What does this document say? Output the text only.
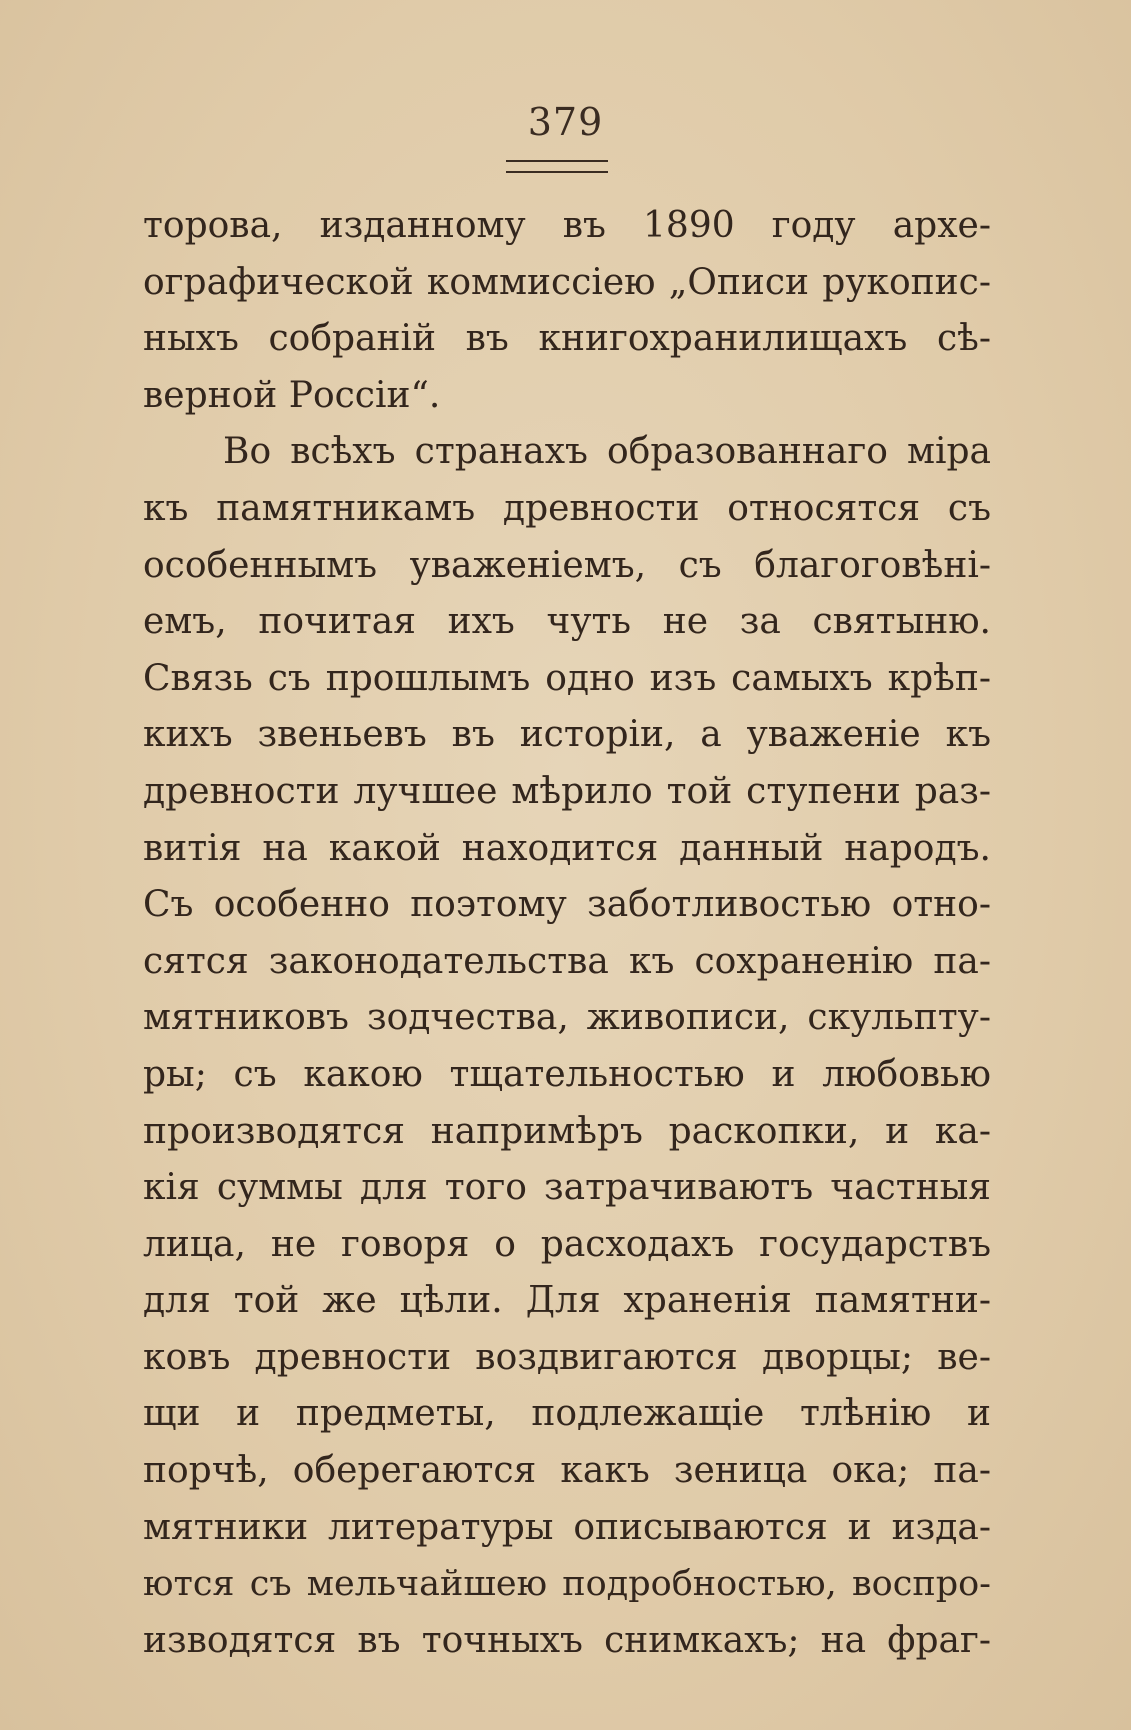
379
торова, изданному въ 1890 году архе-
ографической коммиссіею „Описи рукопис-
ныхъ собраній въ книгохранилищахъ сѣ-
верной Россіи“.
Во всѣхъ странахъ образованнаго міра
къ памятникамъ древности относятся съ
особеннымъ уваженіемъ, съ благоговѣні-
емъ, почитая ихъ чуть не за святыню.
Связь съ прошлымъ одно изъ самыхъ крѣп-
кихъ звеньевъ въ исторіи, а уваженіе къ
древности лучшее мѣрило той ступени раз-
витія на какой находится данный народъ.
Съ особенно поэтому заботливостью отно-
сятся законодательства къ сохраненію па-
мятниковъ зодчества, живописи, скульпту-
ры; съ какою тщательностью и любовью
производятся напримѣръ раскопки, и ка-
кія суммы для того затрачиваютъ частныя
лица, не говоря о расходахъ государствъ
для той же цѣли. Для храненія памятни-
ковъ древности воздвигаются дворцы; ве-
щи и предметы, подлежащіе тлѣнію и
порчѣ, оберегаются какъ зеница ока; па-
мятники литературы описываются и изда-
ются съ мельчайшею подробностью, воспро-
изводятся въ точныхъ снимкахъ; на фраг-
